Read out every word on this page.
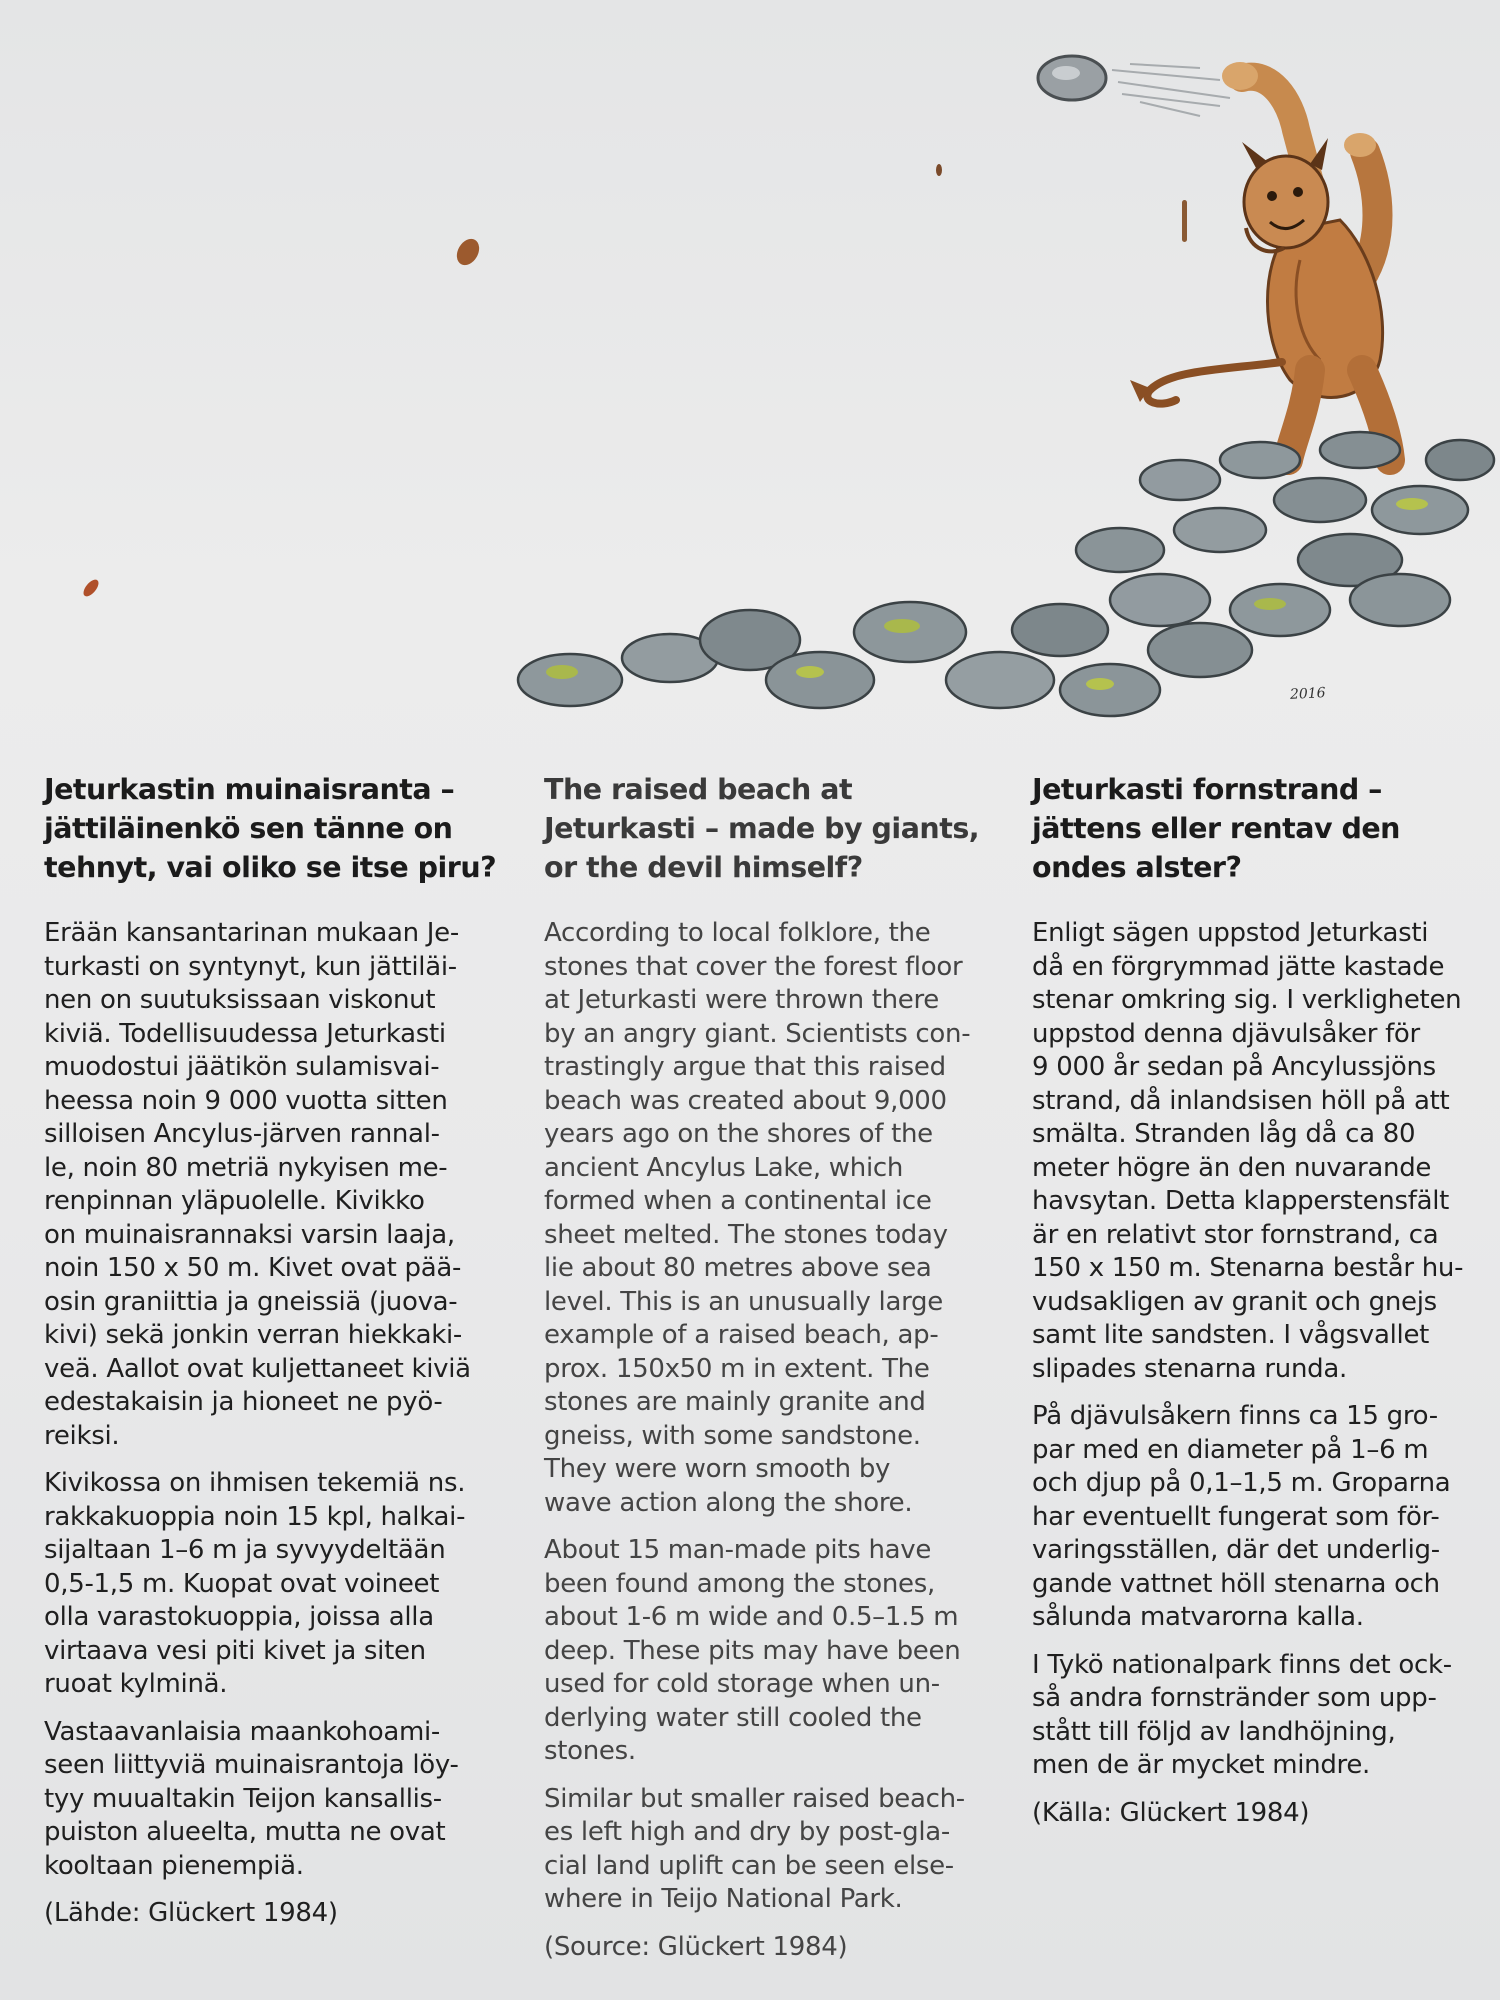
2016
Jeturkastin muinaisranta –
jättiläinenkö sen tänne on
tehnyt, vai oliko se itse piru?

Erään kansantarinan mukaan Je-
turkasti on syntynyt, kun jättiläi-
nen on suutuksissaan viskonut
kiviä. Todellisuudessa Jeturkasti
muodostui jäätikön sulamisvai-
heessa noin 9 000 vuotta sitten
silloisen Ancylus-järven rannal-
le, noin 80 metriä nykyisen me-
renpinnan yläpuolelle. Kivikko
on muinaisrannaksi varsin laaja,
noin 150 x 50 m. Kivet ovat pää-
osin graniittia ja gneissiä (juova-
kivi) sekä jonkin verran hiekkaki-
veä. Aallot ovat kuljettaneet kiviä
edestakaisin ja hioneet ne pyö-
reiksi.

Kivikossa on ihmisen tekemiä ns.
rakkakuoppia noin 15 kpl, halkai-
sijaltaan 1–6 m ja syvyydeltään
0,5-1,5 m. Kuopat ovat voineet
olla varastokuoppia, joissa alla
virtaava vesi piti kivet ja siten
ruoat kylminä.

Vastaavanlaisia maankohoami-
seen liittyviä muinaisrantoja löy-
tyy muualtakin Teijon kansallis-
puiston alueelta, mutta ne ovat
kooltaan pienempiä.

(Lähde: Glückert 1984)

The raised beach at
Jeturkasti – made by giants,
or the devil himself?

According to local folklore, the
stones that cover the forest floor
at Jeturkasti were thrown there
by an angry giant. Scientists con-
trastingly argue that this raised
beach was created about 9,000
years ago on the shores of the
ancient Ancylus Lake, which
formed when a continental ice
sheet melted. The stones today
lie about 80 metres above sea
level. This is an unusually large
example of a raised beach, ap-
prox. 150x50 m in extent. The
stones are mainly granite and
gneiss, with some sandstone.
They were worn smooth by
wave action along the shore.

About 15 man-made pits have
been found among the stones,
about 1-6 m wide and 0.5–1.5 m
deep. These pits may have been
used for cold storage when un-
derlying water still cooled the
stones.

Similar but smaller raised beach-
es left high and dry by post-gla-
cial land uplift can be seen else-
where in Teijo National Park.

(Source: Glückert 1984)

Jeturkasti fornstrand –
jättens eller rentav den
ondes alster?

Enligt sägen uppstod Jeturkasti
då en förgrymmad jätte kastade
stenar omkring sig. I verkligheten
uppstod denna djävulsåker för
9 000 år sedan på Ancylussjöns
strand, då inlandsisen höll på att
smälta. Stranden låg då ca 80
meter högre än den nuvarande
havsytan. Detta klapperstensfält
är en relativt stor fornstrand, ca
150 x 150 m. Stenarna består hu-
vudsakligen av granit och gnejs
samt lite sandsten. I vågsvallet
slipades stenarna runda.

På djävulsåkern finns ca 15 gro-
par med en diameter på 1–6 m
och djup på 0,1–1,5 m. Groparna
har eventuellt fungerat som för-
varingsställen, där det underlig-
gande vattnet höll stenarna och
sålunda matvarorna kalla.

I Tykö nationalpark finns det ock-
så andra fornstränder som upp-
stått till följd av landhöjning,
men de är mycket mindre.

(Källa: Glückert 1984)
